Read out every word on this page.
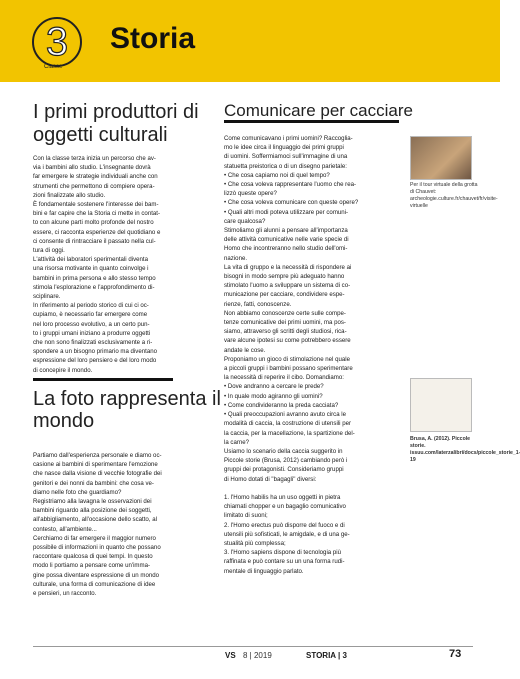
3
Classe
Storia
I primi produttori di oggetti culturali
Con la classe terza inizia un percorso che av-
via i bambini allo studio. L'insegnante dovrà
far emergere le strategie individuali anche con
strumenti che permettono di compiere opera-
zioni finalizzate allo studio.
È fondamentale sostenere l'interesse dei bam-
bini e far capire che la Storia ci mette in contat-
to con alcune parti molto profonde del nostro
essere, ci racconta esperienze del quotidiano e
ci consente di rintracciare il passato nella cul-
tura di oggi.
L'attività dei laboratori sperimentali diventa
una risorsa motivante in quanto coinvolge i
bambini in prima persona e allo stesso tempo
stimola l'esplorazione e l'approfondimento di-
sciplinare.
In riferimento al periodo storico di cui ci oc-
cupiamo, è necessario far emergere come
nel loro processo evolutivo, a un certo pun-
to i gruppi umani iniziano a produrre oggetti
che non sono finalizzati esclusivamente a ri-
spondere a un bisogno primario ma diventano
espressione del loro pensiero e del loro modo
di concepire il mondo.
La foto rappresenta il mondo
Partiamo dall'esperienza personale e diamo oc-
casione ai bambini di sperimentare l'emozione
che nasce dalla visione di vecchie fotografie dei
genitori e dei nonni da bambini: che cosa ve-
diamo nelle foto che guardiamo?
Registriamo alla lavagna le osservazioni dei
bambini riguardo alla posizione dei soggetti,
all'abbigliamento, all'occasione dello scatto, al
contesto, all'ambiente...
Cerchiamo di far emergere il maggior numero
possibile di informazioni in quanto che possano
raccontare qualcosa di quei tempi. In questo
modo li portiamo a pensare come un'imma-
gine possa diventare espressione di un mondo
culturale, una forma di comunicazione di idee
e pensieri, un racconto.
Comunicare per cacciare
Come comunicavano i primi uomini? Raccoglia-
mo le idee circa il linguaggio dei primi gruppi
di uomini. Soffermiamoci sull'immagine di una
statuetta preistorica o di un disegno parietale:
• Che cosa capiamo noi di quel tempo?
• Che cosa voleva rappresentare l'uomo che rea-
lizzò queste opere?
• Che cosa voleva comunicare con queste opere?
• Quali altri modi poteva utilizzare per comuni-
care qualcosa?
Stimoliamo gli alunni a pensare all'importanza
delle attività comunicative nelle varie specie di
Homo che incontreranno nello studio dell'omi-
nazione.
La vita di gruppo e la necessità di rispondere ai
bisogni in modo sempre più adeguato hanno
stimolato l'uomo a sviluppare un sistema di co-
municazione per cacciare, condividere espe-
rienze, fatti, conoscenze.
Non abbiamo conoscenze certe sulle compe-
tenze comunicative dei primi uomini, ma pos-
siamo, attraverso gli scritti degli studiosi, rica-
vare alcune ipotesi su come potrebbero essere
andate le cose.
Proponiamo un gioco di stimolazione nel quale
a piccoli gruppi i bambini possano sperimentare
la necessità di reperire il cibo. Domandiamo:
• Dove andranno a cercare le prede?
• In quale modo agiranno gli uomini?
• Come condivideranno la preda cacciata?
• Quali preoccupazioni avranno avuto circa le
modalità di caccia, la costruzione di utensili per
la caccia, per la macellazione, la spartizione del-
la carne?
Usiamo lo scenario della caccia suggerito in
Piccole storie (Brusa, 2012) cambiando però i
gruppi dei protagonisti. Consideriamo gruppi
di Homo dotati di "bagagli" diversi:

1. l'Homo habilis ha un uso oggetti in pietra
chiamati chopper e un bagaglio comunicativo
limitato di suoni;
2. l'Homo erectus può disporre del fuoco e di
utensili più sofisticati, le amigdale, e di una ge-
stualità più complessa;
3. l'Homo sapiens dispone di tecnologia più
raffinata e può contare su un una forma rudi-
mentale di linguaggio parlato.
Per il tour virtuale della grotta di Chauvet: archeologie.culture.fr/chauvet/fr/visite-virtuelle
Brusa, A. (2012). Piccole storie. issuu.com/laterzalibri/docs/piccole_storie_1-19
VS 8 | 2019	STORIA | 3	73
